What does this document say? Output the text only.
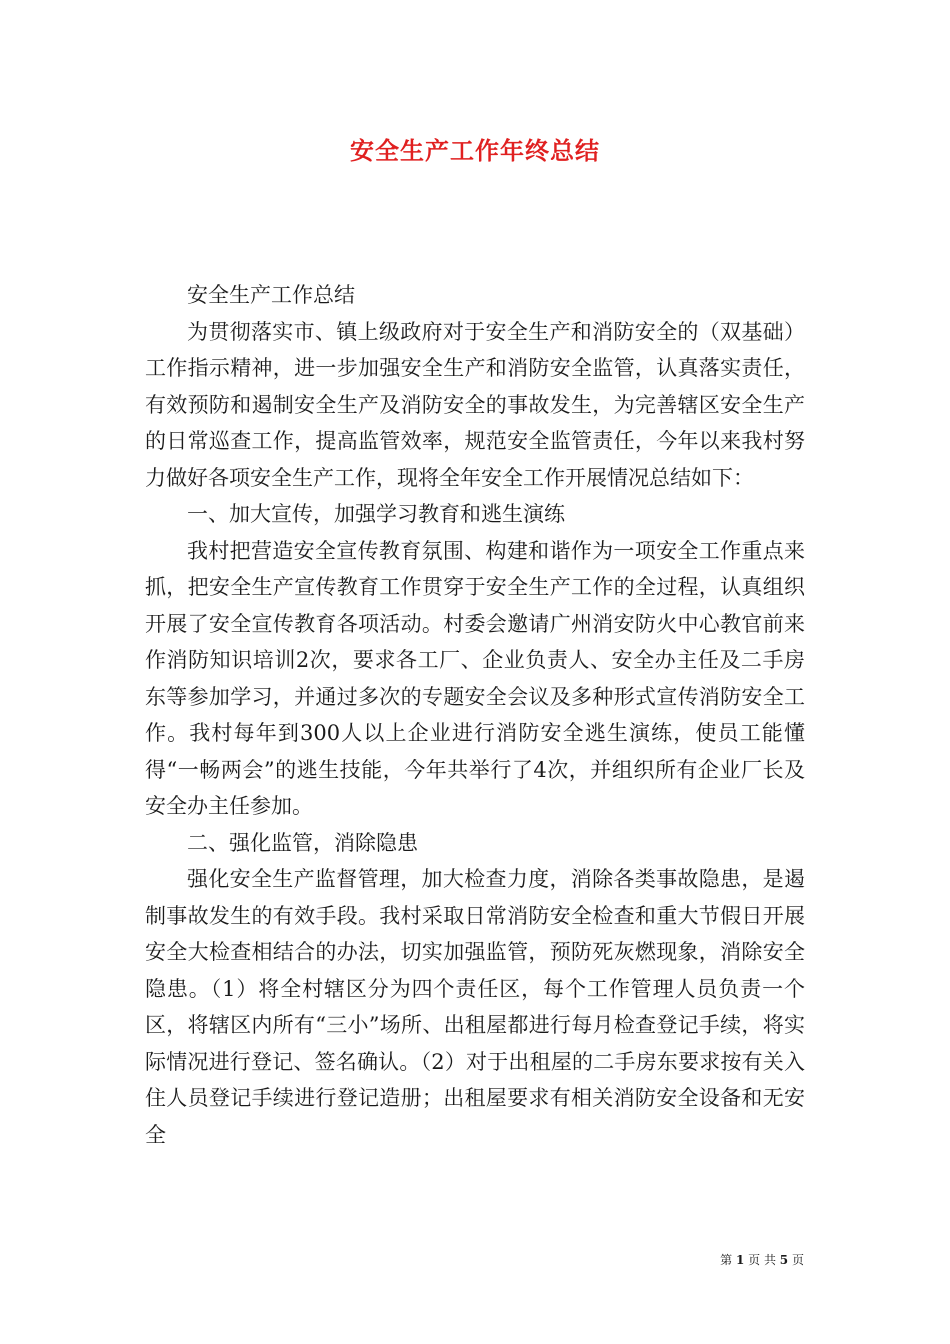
安全生产工作年终总结

安全生产工作总结

为贯彻落实市、镇上级政府对于安全生产和消防安全的（双基础）工作指示精神，进一步加强安全生产和消防安全监管，认真落实责任，有效预防和遏制安全生产及消防安全的事故发生，为完善辖区安全生产的日常巡查工作，提高监管效率，规范安全监管责任，今年以来我村努力做好各项安全生产工作，现将全年安全工作开展情况总结如下：

一、加大宣传，加强学习教育和逃生演练

我村把营造安全宣传教育氛围、构建和谐作为一项安全工作重点来抓，把安全生产宣传教育工作贯穿于安全生产工作的全过程，认真组织开展了安全宣传教育各项活动。村委会邀请广州消安防火中心教官前来作消防知识培训2次，要求各工厂、企业负责人、安全办主任及二手房东等参加学习，并通过多次的专题安全会议及多种形式宣传消防安全工作。我村每年到300人以上企业进行消防安全逃生演练，使员工能懂得“一畅两会”的逃生技能，今年共举行了4次，并组织所有企业厂长及安全办主任参加。

二、强化监管，消除隐患

强化安全生产监督管理，加大检查力度，消除各类事故隐患，是遏制事故发生的有效手段。我村采取日常消防安全检查和重大节假日开展安全大检查相结合的办法，切实加强监管，预防死灰燃现象，消除安全隐患。（1）将全村辖区分为四个责任区，每个工作管理人员负责一个区，将辖区内所有“三小”场所、出租屋都进行每月检查登记手续，将实际情况进行登记、签名确认。（2）对于出租屋的二手房东要求按有关入住人员登记手续进行登记造册；出租屋要求有相关消防安全设备和无安全

第 1 页 共 5 页
